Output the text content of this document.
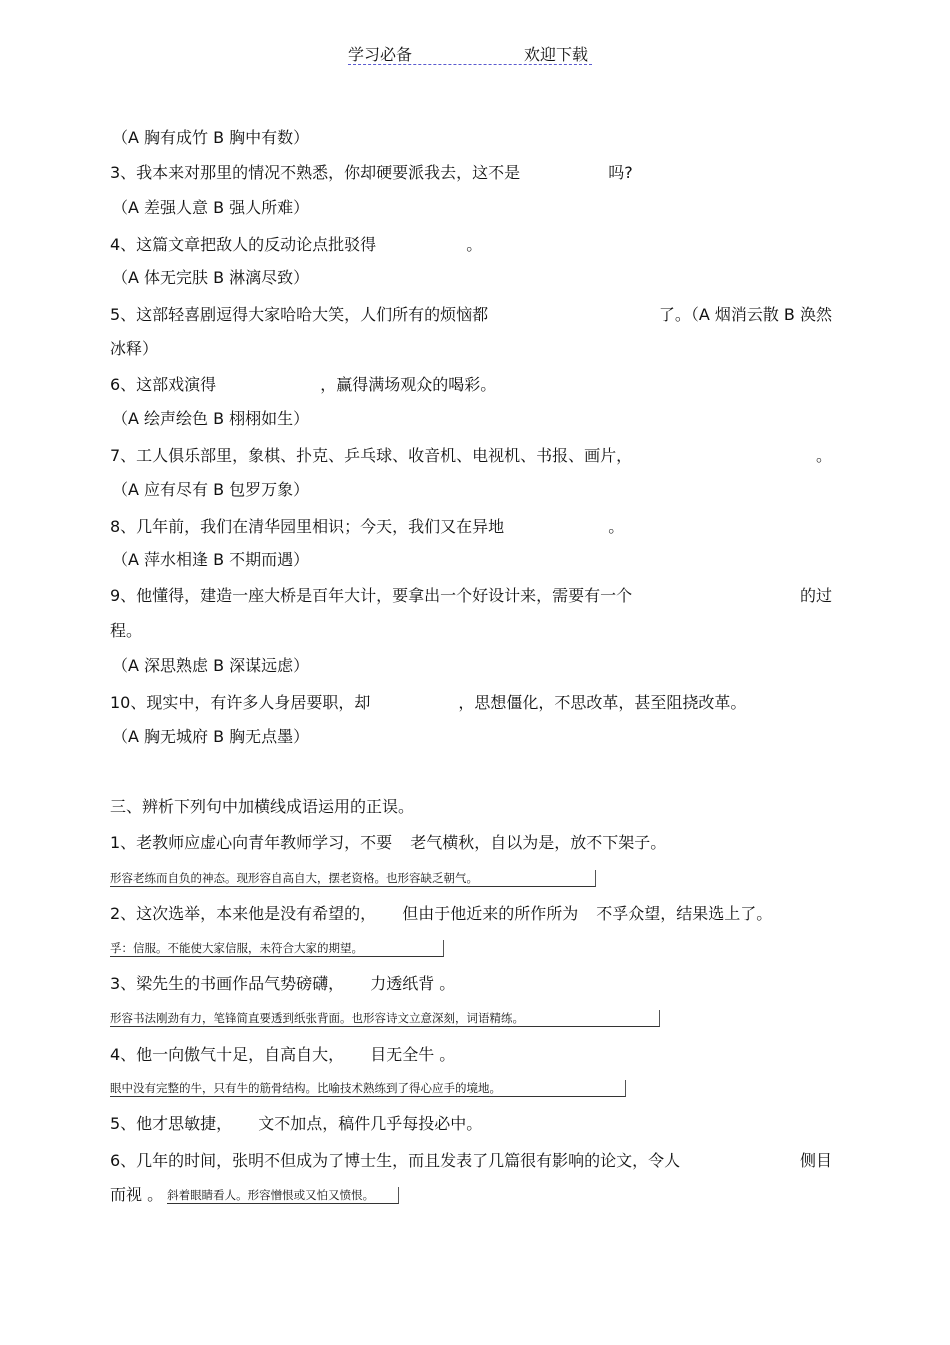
学习必备	欢迎下载
（A 胸有成竹 B 胸中有数）
3、我本来对那里的情况不熟悉，你却硬要派我去，这不是	吗?
（A 差强人意 B 强人所难）
4、这篇文章把敌人的反动论点批驳得	。
（A 体无完肤 B 淋漓尽致）
5、这部轻喜剧逗得大家哈哈大笑，人们所有的烦恼都	了。（A 烟消云散 B 涣然
冰释）
6、这部戏演得	，赢得满场观众的喝彩。
（A 绘声绘色 B 栩栩如生）
7、工人俱乐部里，象棋、扑克、乒乓球、收音机、电视机、书报、画片，	。
（A 应有尽有 B 包罗万象）
8、几年前，我们在清华园里相识；今天，我们又在异地	。
（A 萍水相逢 B 不期而遇）
9、他懂得，建造一座大桥是百年大计，要拿出一个好设计来，需要有一个	的过
程。
（A 深思熟虑 B 深谋远虑）
10、现实中，有许多人身居要职，却	，思想僵化，不思改革，甚至阻挠改革。
（A 胸无城府 B 胸无点墨）
三、辨析下列句中加横线成语运用的正误。
1、老教师应虚心向青年教师学习，不要 老气横秋，自以为是，放不下架子。
形容老练而自负的神态。现形容自高自大，摆老资格。也形容缺乏朝气。
2、这次选举，本来他是没有希望的， 但由于他近来的所作所为 不孚众望，结果选上了。
孚：信服。不能使大家信服，未符合大家的期望。
3、梁先生的书画作品气势磅礴， 力透纸背 。
形容书法刚劲有力，笔锋简直要透到纸张背面。也形容诗文立意深刻，词语精练。
4、他一向傲气十足，自高自大， 目无全牛 。
眼中没有完整的牛，只有牛的筋骨结构。比喻技术熟练到了得心应手的境地。
5、他才思敏捷， 文不加点，稿件几乎每投必中。
6、几年的时间，张明不但成为了博士生，而且发表了几篇很有影响的论文，令人	侧目
而视 。 斜着眼睛看人。形容憎恨或又怕又愤恨。
